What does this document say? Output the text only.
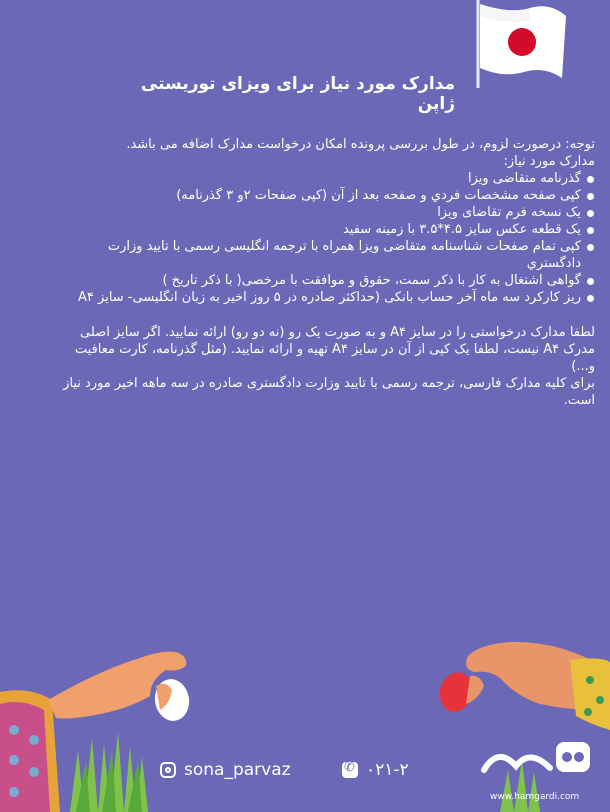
مدارک مورد نیاز برای ویزای توریستی ژاپن

توجه: درصورت لزوم، در طول بررسی پرونده امکان درخواست مدارک اضافه می باشد.

مدارک مورد نیاز:

گذرنامه متقاضی ویزا
کپی صفحه مشخصات فردي و صفحه بعد از آن (کپی صفحات ۲و ۳ گذرنامه)
یک نسخه فرم تقاضای ویزا
یک قطعه عکس سایز ۴.۵*۳.۵ با زمینه سفید
کپی تمام صفحات شناسنامه متقاضی ویزا همراه با ترجمه انگلیسی رسمی با تایید وزارت دادگستري
گواهی اشتغال به کار با ذکر سمت، حقوق و موافقت با مرخصی( با ذکر تاریخ )
ریز کارکرد سه ماه آخر حساب بانکی (حداکثر صادره در ۵ روز اخیر به زبان انگلیسی- سایز A۴

لطفا مدارک درخواستی را در سایز A۴ و به صورت یک رو (نه دو رو) ارائه نمایید. اگر سایز اصلی مدرک A۴ نیست، لطفا یک کپی از آن در سایز A۴ تهیه و ارائه نمایید. (مثل گذرنامه، کارت معافیت و...)

برای کلیه مدارک فارسی، ترجمه رسمی با تایید وزارت دادگستری صادره در سه ماهه اخیر مورد نیاز است.

sona_parvaz
✆	۰۲۱-۲
www.hamgardi.com
